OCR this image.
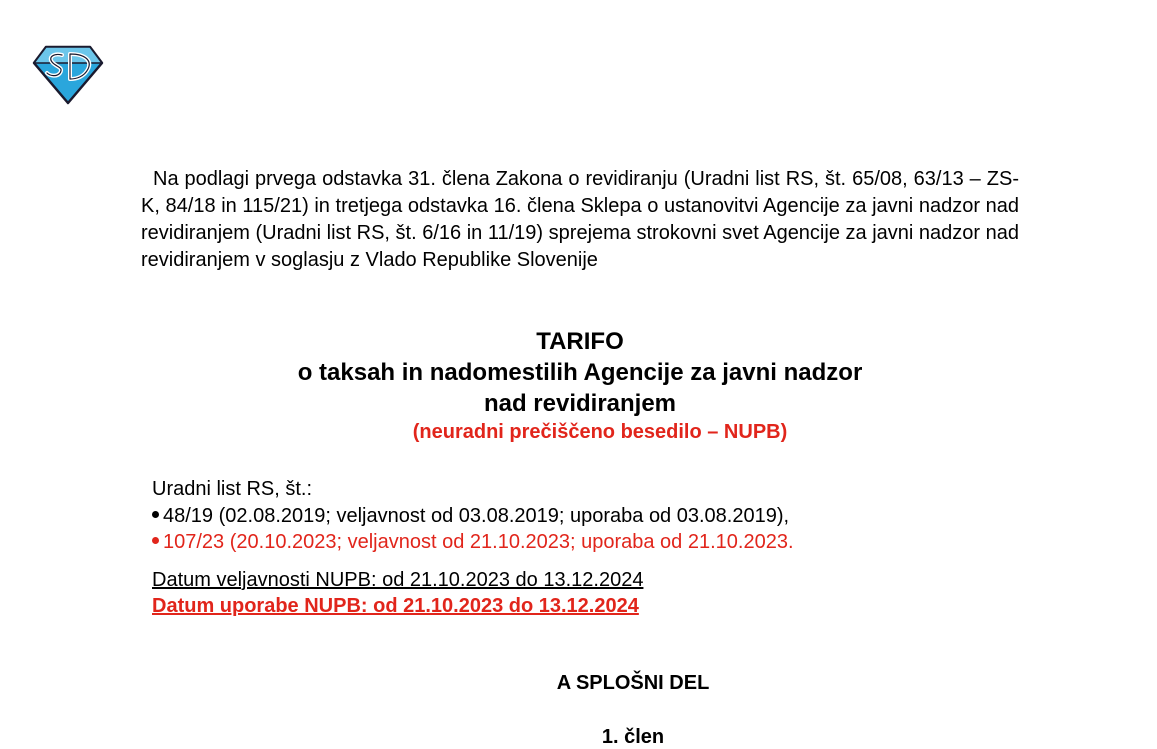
Na podlagi prvega odstavka 31. člena Zakona o revidiranju (Uradni list RS, št. 65/08, 63/13 – ZS-K, 84/18 in 115/21) in tretjega odstavka 16. člena Sklepa o ustanovitvi Agencije za javni nadzor nad revidiranjem (Uradni list RS, št. 6/16 in 11/19) sprejema strokovni svet Agencije za javni nadzor nad revidiranjem v soglasju z Vlado Republike Slovenije

TARIFO

o taksah in nadomestilih Agencije za javni nadzor nad revidiranjem

(neuradni prečiščeno besedilo – NUPB)

Uradni list RS, št.:

48/19 (02.08.2019; veljavnost od 03.08.2019; uporaba od 03.08.2019),
107/23 (20.10.2023; veljavnost od 21.10.2023; uporaba od 21.10.2023.

Datum veljavnosti NUPB: od 21.10.2023 do 13.12.2024

Datum uporabe NUPB: od 21.10.2023 do 13.12.2024

A SPLOŠNI DEL

1. člen
